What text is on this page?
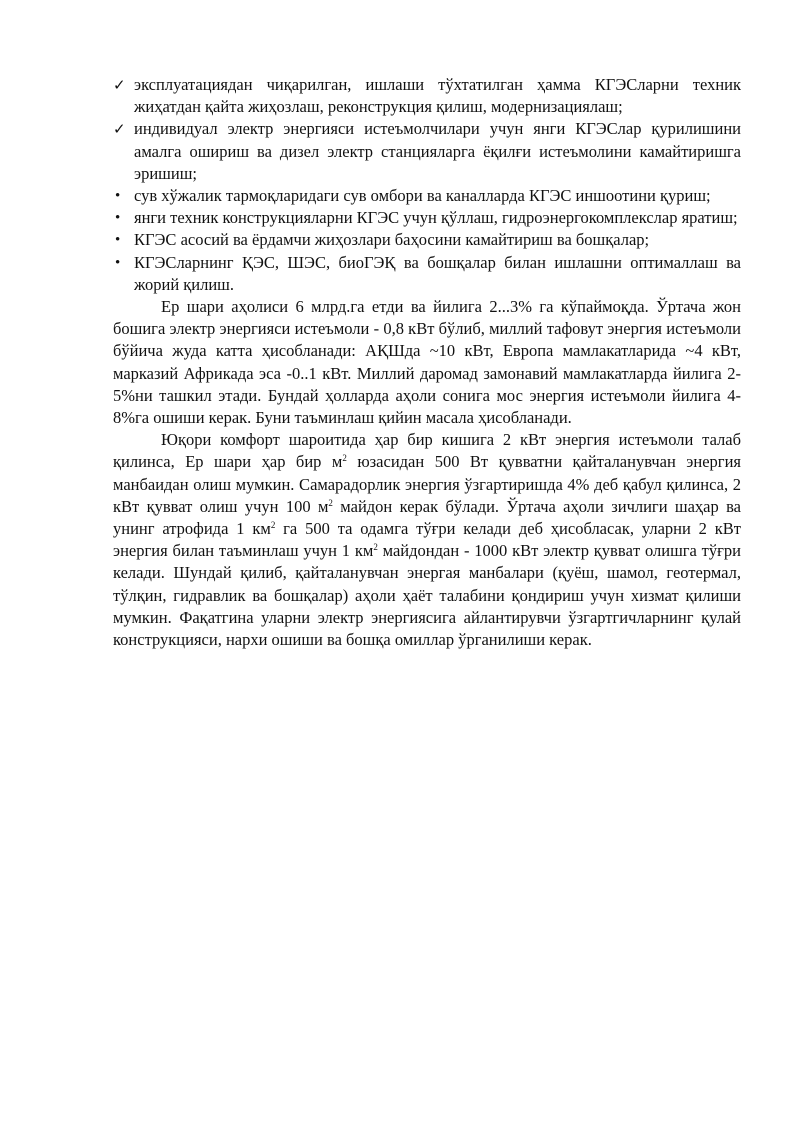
✓ эксплуатациядан чиқарилган, ишлаши тўхтатилган ҳамма КГЭСларни техник жиҳатдан қайта жиҳозлаш, реконструкция қилиш, модернизациялаш;
✓ индивидуал электр энергияси истеъмолчилари учун янги КГЭСлар қурилишини амалга ошириш ва дизел электр станцияларга ёқилғи истеъмолини камайтиришга эришиш;
• сув хўжалик тармоқларидаги сув омбори ва каналларда КГЭС иншоотини қуриш;
• янги техник конструкцияларни КГЭС учун қўллаш, гидроэнергокомплекслар яратиш;
• КГЭС асосий ва ёрдамчи жиҳозлари баҳосини камайтириш ва бошқалар;
• КГЭСларнинг ҚЭС, ШЭС, биоГЭҚ ва бошқалар билан ишлашни оптималлаш ва жорий қилиш.

Ер шари аҳолиси 6 млрд.га етди ва йилига 2...3% га кўпаймоқда. Ўртача жон бошига электр энергияси истеъмоли - 0,8 кВт бўлиб, миллий тафовут энергия истеъмоли бўйича жуда катта ҳисобланади: АҚШда ~10 кВт, Европа мамлакатларида ~4 кВт, марказий Африкада эса -0..1 кВт. Миллий даромад замонавий мамлакатларда йилига 2-5%ни ташкил этади. Бундай ҳолларда аҳоли сонига мос энергия истеъмоли йилига 4-8%га ошиши керак. Буни таъминлаш қийин масала ҳисобланади.

Юқори комфорт шароитида ҳар бир кишига 2 кВт энергия истеъмоли талаб қилинса, Ер шари ҳар бир $м^2$ юзасидан 500 Вт қувватни қайталанувчан энергия манбаидан олиш мумкин. Самарадорлик энергия ўзгартиришда 4% деб қабул қилинса, 2 кВт қувват олиш учун 100 $м^2$ майдон керак бўлади. Ўртача аҳоли зичлиги шаҳар ва унинг атрофида 1 $км^2$ га 500 та одамга тўғри келади деб ҳисобласак, уларни 2 кВт энергия билан таъминлаш учун 1 $км^2$ майдондан - 1000 кВт электр қуввaт олишга тўғри келади. Шундай қилиб, қайталанувчан энергая манбалари (қуёш, шамол, геотермал, тўлқин, гидравлик ва бошқалар) аҳоли ҳаёт талабини қондириш учун хизмат қилиши мумкин. Фақатгина уларни электр энергиясига айлантирувчи ўзгартгичларнинг қулай конструкцияси, нархи ошиши ва бошқа омиллар ўрганилиши керак.
